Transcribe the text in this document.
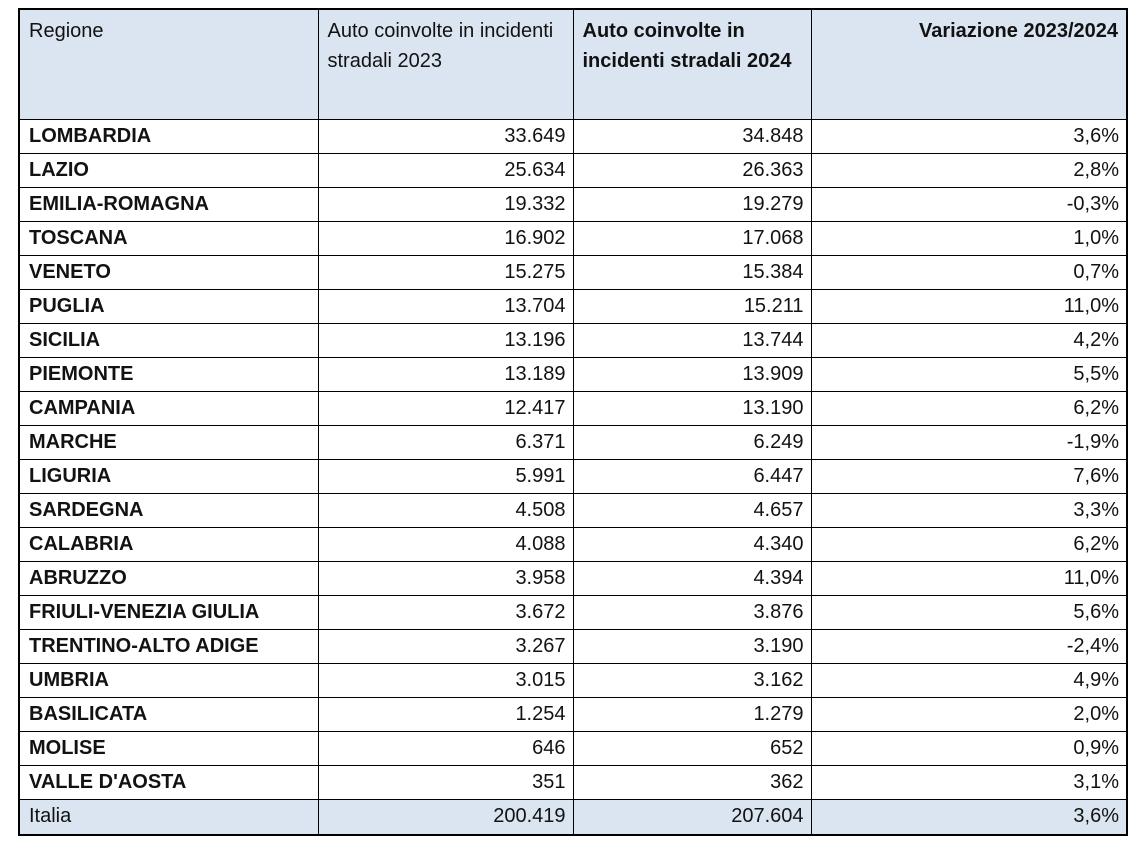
Regione	Auto coinvolte in incidenti stradali 2023	Auto coinvolte in incidenti stradali 2024	Variazione 2023/2024
LOMBARDIA	33.649	34.848	3,6%
LAZIO	25.634	26.363	2,8%
EMILIA-ROMAGNA	19.332	19.279	-0,3%
TOSCANA	16.902	17.068	1,0%
VENETO	15.275	15.384	0,7%
PUGLIA	13.704	15.211	11,0%
SICILIA	13.196	13.744	4,2%
PIEMONTE	13.189	13.909	5,5%
CAMPANIA	12.417	13.190	6,2%
MARCHE	6.371	6.249	-1,9%
LIGURIA	5.991	6.447	7,6%
SARDEGNA	4.508	4.657	3,3%
CALABRIA	4.088	4.340	6,2%
ABRUZZO	3.958	4.394	11,0%
FRIULI-VENEZIA GIULIA	3.672	3.876	5,6%
TRENTINO-ALTO ADIGE	3.267	3.190	-2,4%
UMBRIA	3.015	3.162	4,9%
BASILICATA	1.254	1.279	2,0%
MOLISE	646	652	0,9%
VALLE D'AOSTA	351	362	3,1%
Italia	200.419	207.604	3,6%
